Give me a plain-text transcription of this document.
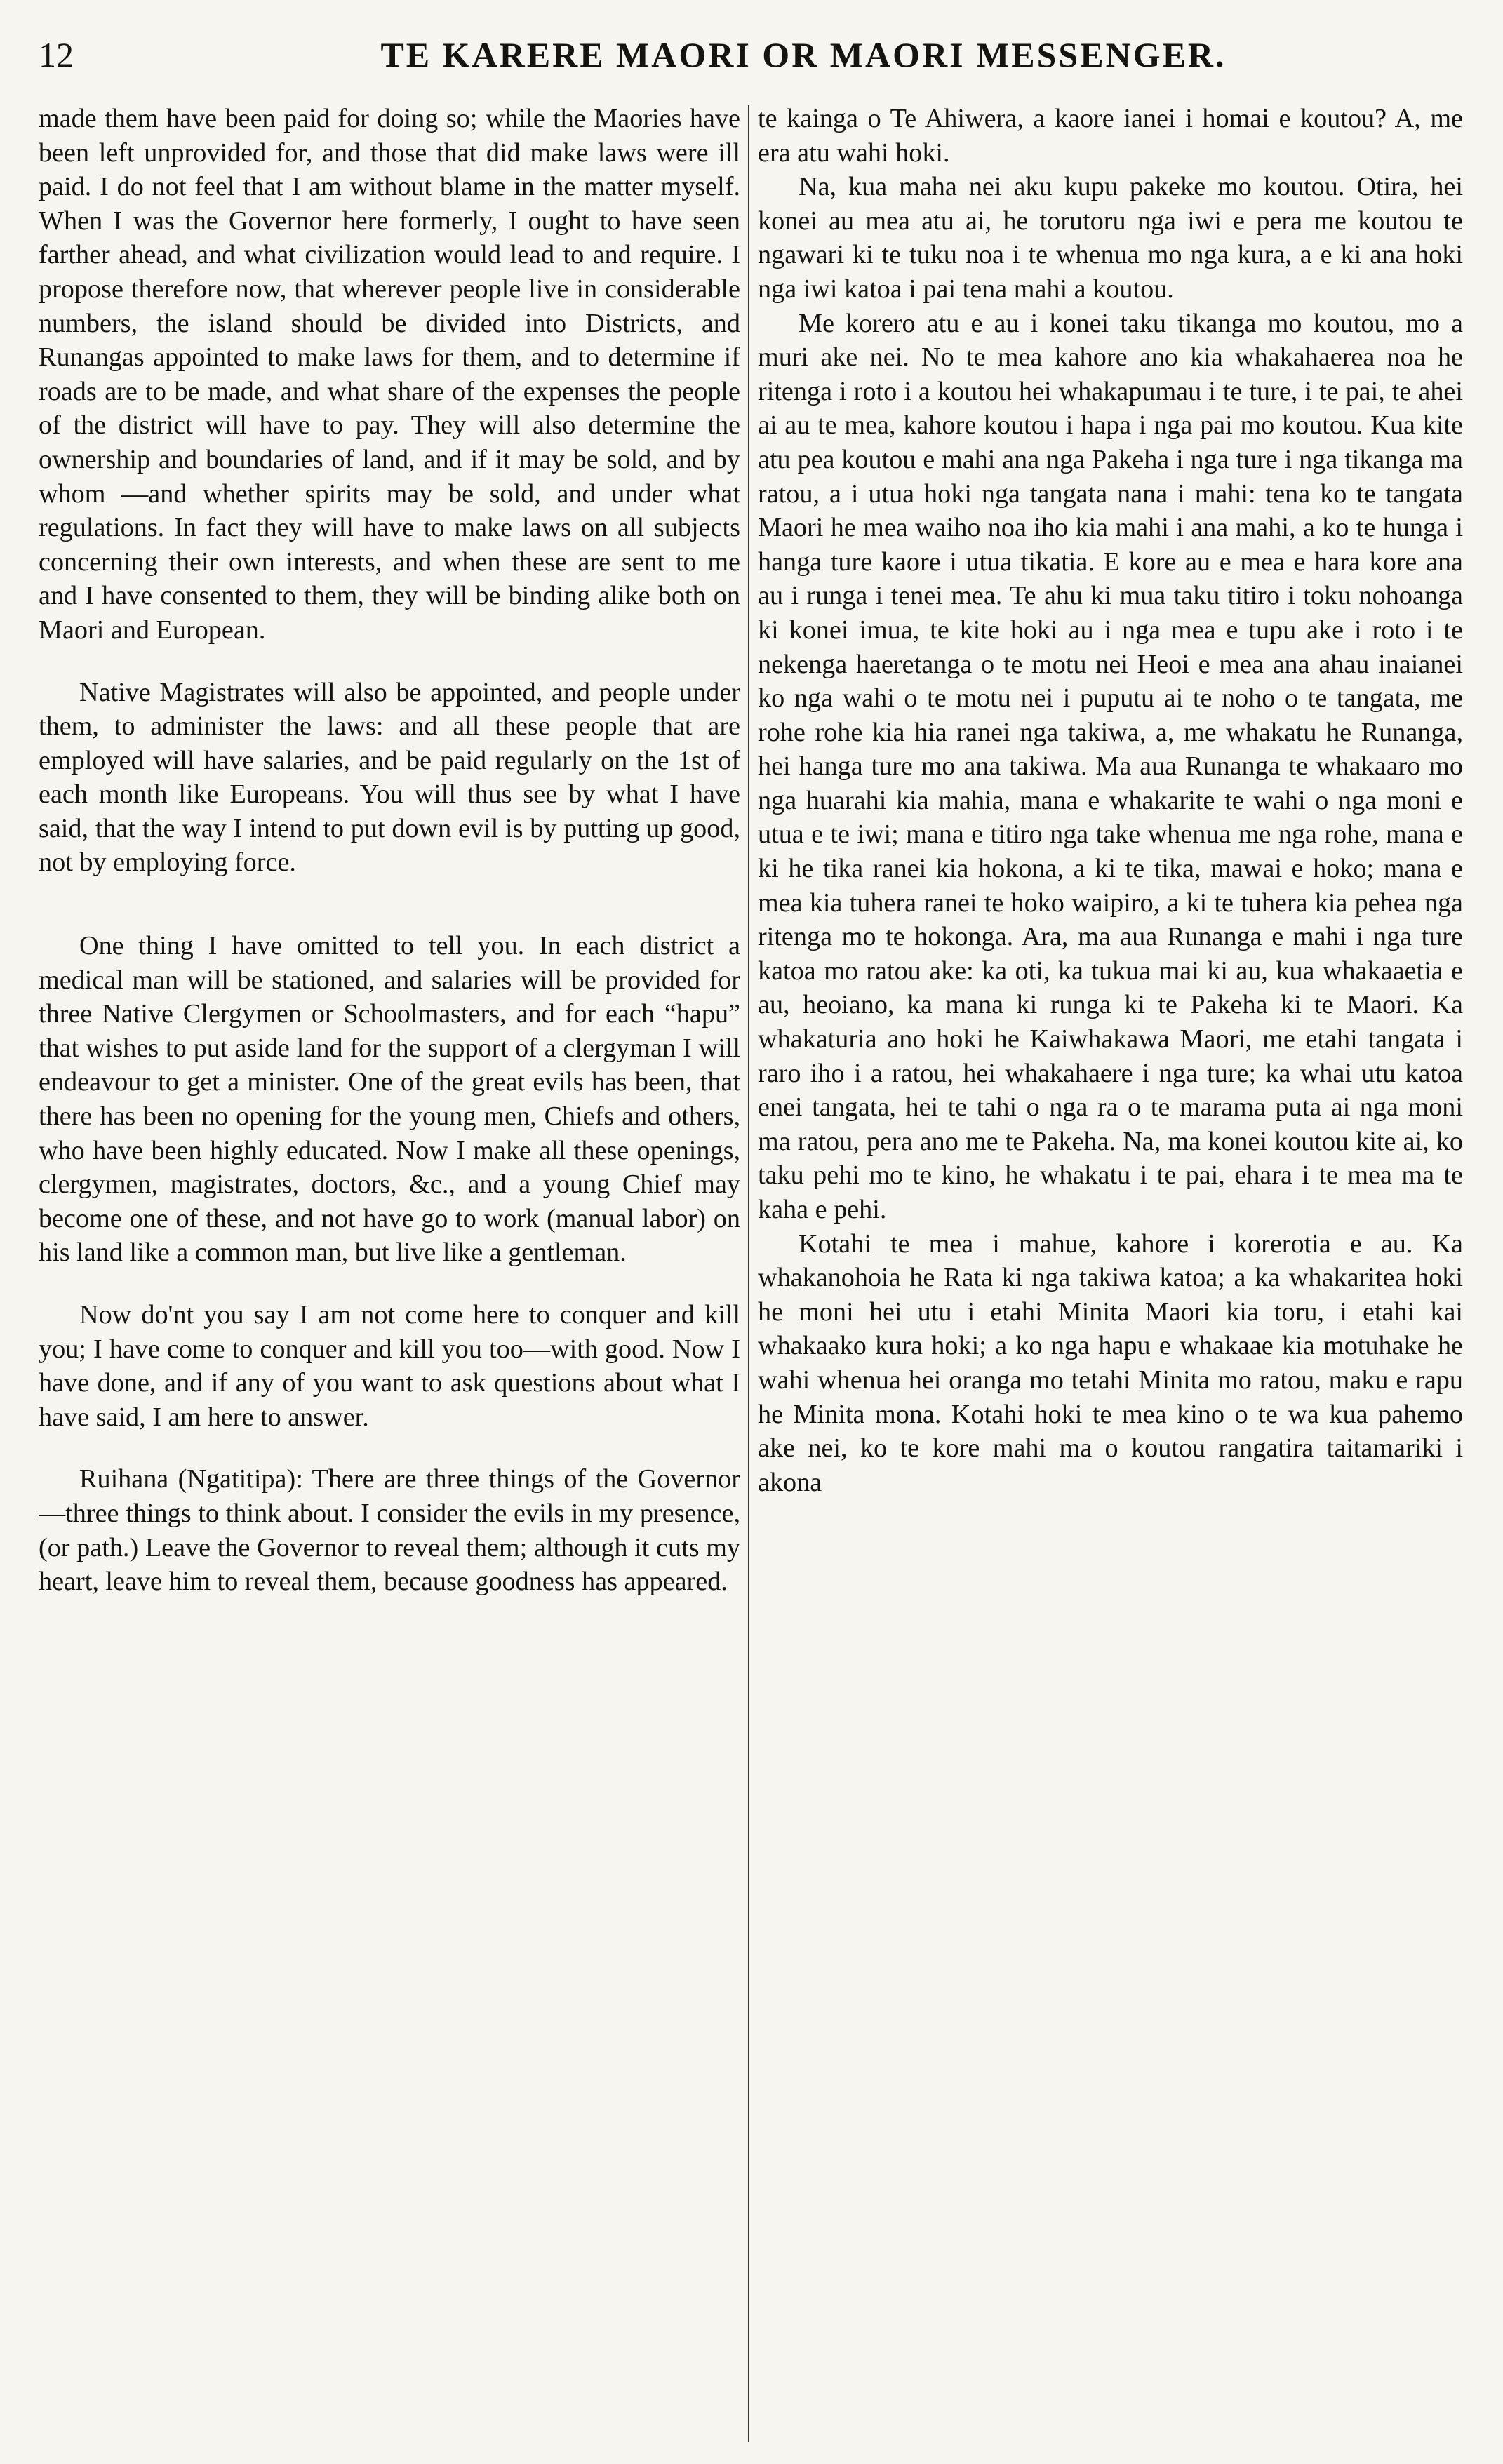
12	TE KARERE MAORI OR MAORI MESSENGER.

made them have been paid for doing so; while the Maories have been left unprovided for, and those that did make laws were ill paid. I do not feel that I am without blame in the matter myself. When I was the Governor here formerly, I ought to have seen farther ahead, and what civilization would lead to and require. I propose therefore now, that wherever people live in considerable numbers, the island should be divided into Districts, and Runangas appointed to make laws for them, and to determine if roads are to be made, and what share of the expenses the people of the district will have to pay. They will also determine the ownership and boundaries of land, and if it may be sold, and by whom —and whether spirits may be sold, and under what regulations. In fact they will have to make laws on all subjects concerning their own interests, and when these are sent to me and I have consented to them, they will be binding alike both on Maori and European.

Native Magistrates will also be appointed, and people under them, to administer the laws: and all these people that are employed will have salaries, and be paid regularly on the 1st of each month like Europeans. You will thus see by what I have said, that the way I intend to put down evil is by putting up good, not by employing force.

One thing I have omitted to tell you. In each district a medical man will be stationed, and salaries will be provided for three Native Clergymen or Schoolmasters, and for each “hapu” that wishes to put aside land for the support of a clergyman I will endeavour to get a minister. One of the great evils has been, that there has been no opening for the young men, Chiefs and others, who have been highly educated. Now I make all these openings, clergymen, magistrates, doctors, &c., and a young Chief may become one of these, and not have go to work (manual labor) on his land like a common man, but live like a gentleman.

Now do'nt you say I am not come here to conquer and kill you; I have come to conquer and kill you too—with good. Now I have done, and if any of you want to ask questions about what I have said, I am here to answer.

Ruihana (Ngatitipa): There are three things of the Governor—three things to think about. I consider the evils in my presence, (or path.) Leave the Governor to reveal them; although it cuts my heart, leave him to reveal them, because goodness has appeared.

te kainga o Te Ahiwera, a kaore ianei i homai e koutou? A, me era atu wahi hoki.

Na, kua maha nei aku kupu pakeke mo koutou. Otira, hei konei au mea atu ai, he torutoru nga iwi e pera me koutou te ngawari ki te tuku noa i te whenua mo nga kura, a e ki ana hoki nga iwi katoa i pai tena mahi a koutou.

Me korero atu e au i konei taku tikanga mo koutou, mo a muri ake nei. No te mea kahore ano kia whakahaerea noa he ritenga i roto i a koutou hei whakapumau i te ture, i te pai, te ahei ai au te mea, kahore koutou i hapa i nga pai mo koutou. Kua kite atu pea koutou e mahi ana nga Pakeha i nga ture i nga tikanga ma ratou, a i utua hoki nga tangata nana i mahi: tena ko te tangata Maori he mea waiho noa iho kia mahi i ana mahi, a ko te hunga i hanga ture kaore i utua tikatia. E kore au e mea e hara kore ana au i runga i tenei mea. Te ahu ki mua taku titiro i toku nohoanga ki konei imua, te kite hoki au i nga mea e tupu ake i roto i te nekenga haeretanga o te motu nei Heoi e mea ana ahau inaianei ko nga wahi o te motu nei i puputu ai te noho o te tangata, me rohe rohe kia hia ranei nga takiwa, a, me whakatu he Runanga, hei hanga ture mo ana takiwa. Ma aua Runanga te whakaaro mo nga huarahi kia mahia, mana e whakarite te wahi o nga moni e utua e te iwi; mana e titiro nga take whenua me nga rohe, mana e ki he tika ranei kia hokona, a ki te tika, mawai e hoko; mana e mea kia tuhera ranei te hoko waipiro, a ki te tuhera kia pehea nga ritenga mo te hokonga. Ara, ma aua Runanga e mahi i nga ture katoa mo ratou ake: ka oti, ka tukua mai ki au, kua whakaaetia e au, heoiano, ka mana ki runga ki te Pakeha ki te Maori. Ka whakaturia ano hoki he Kaiwhakawa Maori, me etahi tangata i raro iho i a ratou, hei whakahaere i nga ture; ka whai utu katoa enei tangata, hei te tahi o nga ra o te marama puta ai nga moni ma ratou, pera ano me te Pakeha. Na, ma konei koutou kite ai, ko taku pehi mo te kino, he whakatu i te pai, ehara i te mea ma te kaha e pehi.

Kotahi te mea i mahue, kahore i korerotia e au. Ka whakanohoia he Rata ki nga takiwa katoa; a ka whakaritea hoki he moni hei utu i etahi Minita Maori kia toru, i etahi kai whakaako kura hoki; a ko nga hapu e whakaae kia motuhake he wahi whenua hei oranga mo tetahi Minita mo ratou, maku e rapu he Minita mona. Kotahi hoki te mea kino o te wa kua pahemo ake nei, ko te kore mahi ma o koutou rangatira taitamariki i akona
